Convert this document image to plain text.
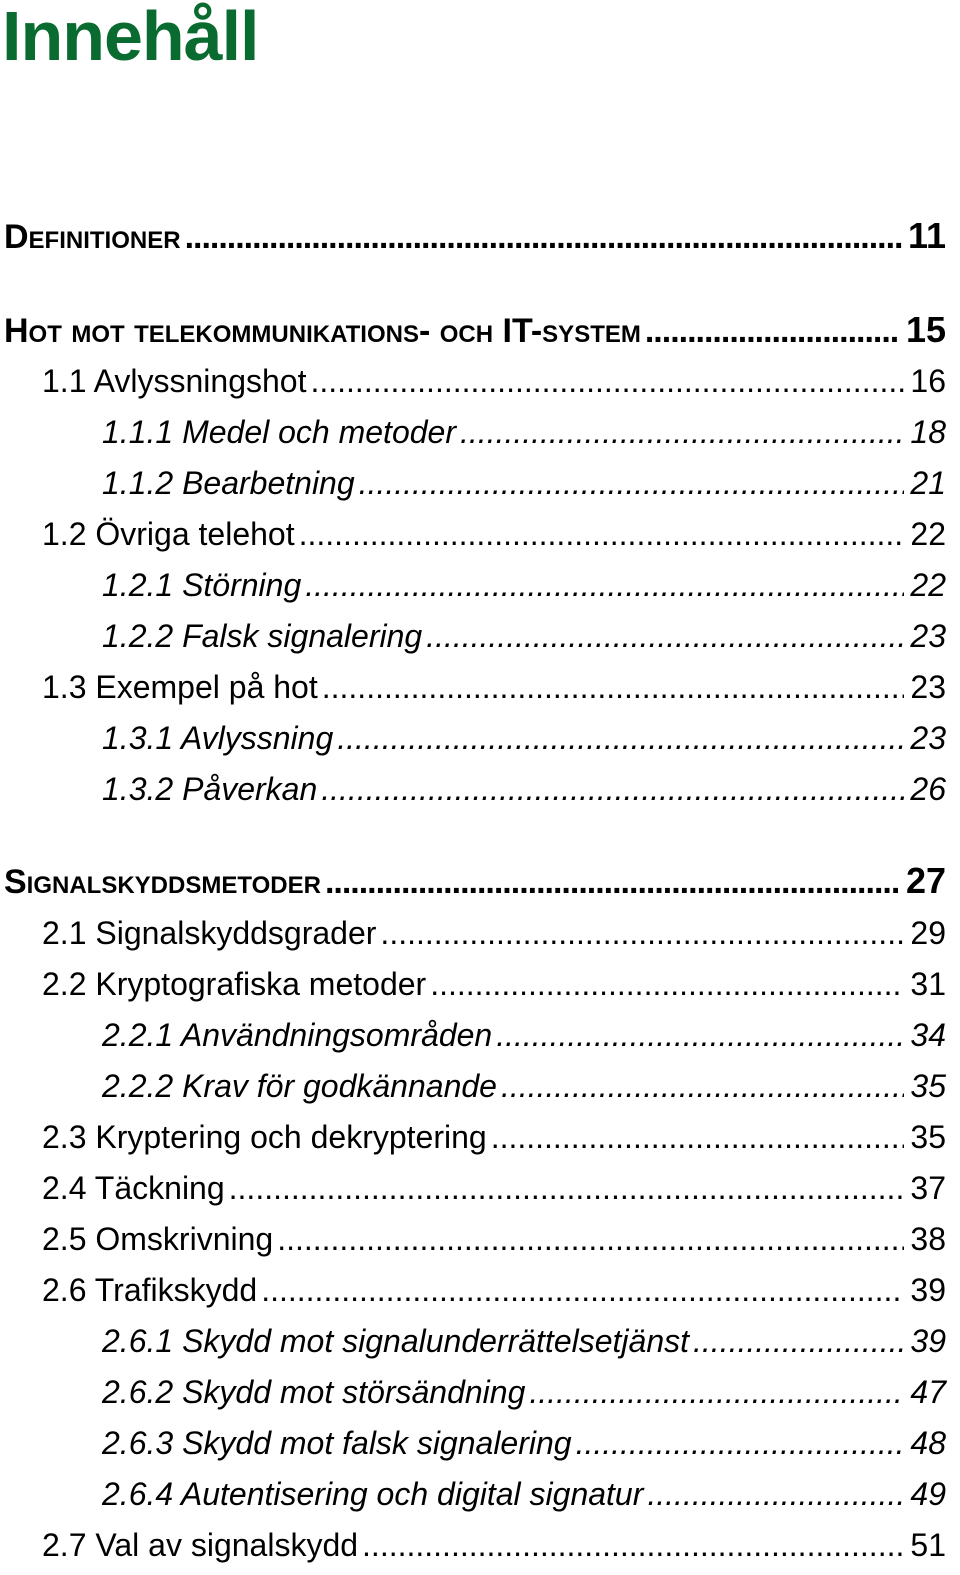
Innehåll
Definitioner .....	11
Hot mot telekommunikations- och IT-system .....	15
1.1 Avlyssningshot .....	16
1.1.1 Medel och metoder .....	18
1.1.2 Bearbetning .....	21
1.2 Övriga telehot .....	22
1.2.1 Störning .....	22
1.2.2 Falsk signalering .....	23
1.3 Exempel på hot .....	23
1.3.1 Avlyssning .....	23
1.3.2 Påverkan .....	26
Signalskyddsmetoder .....	27
2.1 Signalskyddsgrader .....	29
2.2 Kryptografiska metoder .....	31
2.2.1 Användningsområden .....	34
2.2.2 Krav för godkännande .....	35
2.3 Kryptering och dekryptering .....	35
2.4 Täckning .....	37
2.5 Omskrivning .....	38
2.6 Trafikskydd .....	39
2.6.1 Skydd mot signalunderrättelsetjänst .....	39
2.6.2 Skydd mot störsändning .....	47
2.6.3 Skydd mot falsk signalering .....	48
2.6.4 Autentisering och digital signatur .....	49
2.7 Val av signalskydd .....	51
